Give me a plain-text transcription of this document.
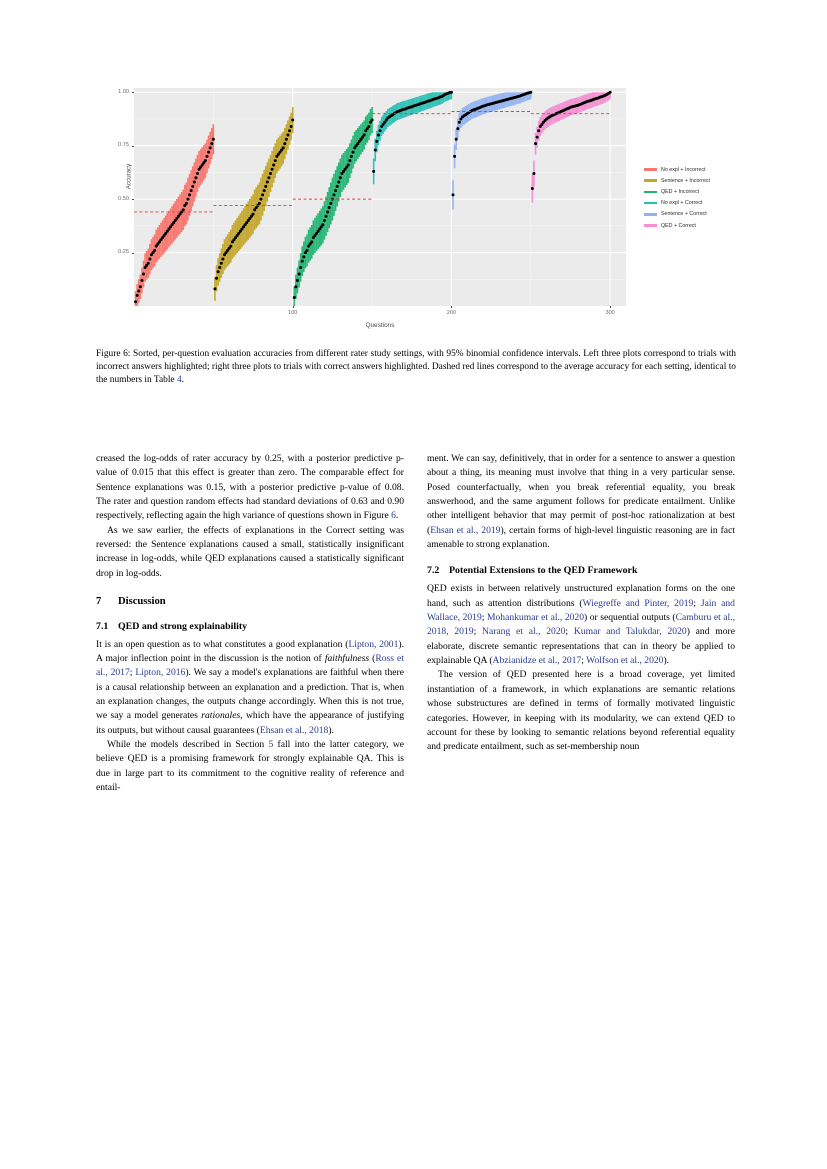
0.25
0.50
0.75
1.00
100	200	300
Accuracy
Questions
No expl + Incorrect
Sentence + Incorrect
QED + Incorrect
No expl + Correct
Sentence + Correct
QED + Correct
Figure 6: Sorted, per-question evaluation accuracies from different rater study settings, with 95% binomial confidence intervals. Left three plots correspond to trials with incorrect answers highlighted; right three plots to trials with correct answers highlighted. Dashed red lines correspond to the average accuracy for each setting, identical to the numbers in Table 4.

creased the log-odds of rater accuracy by 0.25, with a posterior predictive p-value of 0.015 that this effect is greater than zero. The comparable effect for Sentence explanations was 0.15, with a posterior predictive p-value of 0.08. The rater and question random effects had standard deviations of 0.63 and 0.90 respectively, reflecting again the high variance of questions shown in Figure 6.

As we saw earlier, the effects of explanations in the Correct setting was reversed: the Sentence explanations caused a small, statistically insignificant increase in log-odds, while QED explanations caused a statistically significant drop in log-odds.

7 Discussion
7.1 QED and strong explainability

It is an open question as to what constitutes a good explanation (Lipton, 2001). A major inflection point in the discussion is the notion of faithfulness (Ross et al., 2017; Lipton, 2016). We say a model's explanations are faithful when there is a causal relationship between an explanation and a prediction. That is, when an explanation changes, the outputs change accordingly. When this is not true, we say a model generates rationales, which have the appearance of justifying its outputs, but without causal guarantees (Ehsan et al., 2018).

While the models described in Section 5 fall into the latter category, we believe QED is a promising framework for strongly explainable QA. This is due in large part to its commitment to the cognitive reality of reference and entail-

ment. We can say, definitively, that in order for a sentence to answer a question about a thing, its meaning must involve that thing in a very particular sense. Posed counterfactually, when you break referential equality, you break answerhood, and the same argument follows for predicate entailment. Unlike other intelligent behavior that may permit of post-hoc rationalization at best (Ehsan et al., 2019), certain forms of high-level linguistic reasoning are in fact amenable to strong explanation.

7.2 Potential Extensions to the QED Framework

QED exists in between relatively unstructured explanation forms on the one hand, such as attention distributions (Wiegreffe and Pinter, 2019; Jain and Wallace, 2019; Mohankumar et al., 2020) or sequential outputs (Camburu et al., 2018, 2019; Narang et al., 2020; Kumar and Talukdar, 2020) and more elaborate, discrete semantic representations that can in theory be applied to explainable QA (Abzianidze et al., 2017; Wolfson et al., 2020).

The version of QED presented here is a broad coverage, yet limited instantiation of a framework, in which explanations are semantic relations whose substructures are defined in terms of formally motivated linguistic categories. However, in keeping with its modularity, we can extend QED to account for these by looking to semantic relations beyond referential equality and predicate entailment, such as set-membership noun
